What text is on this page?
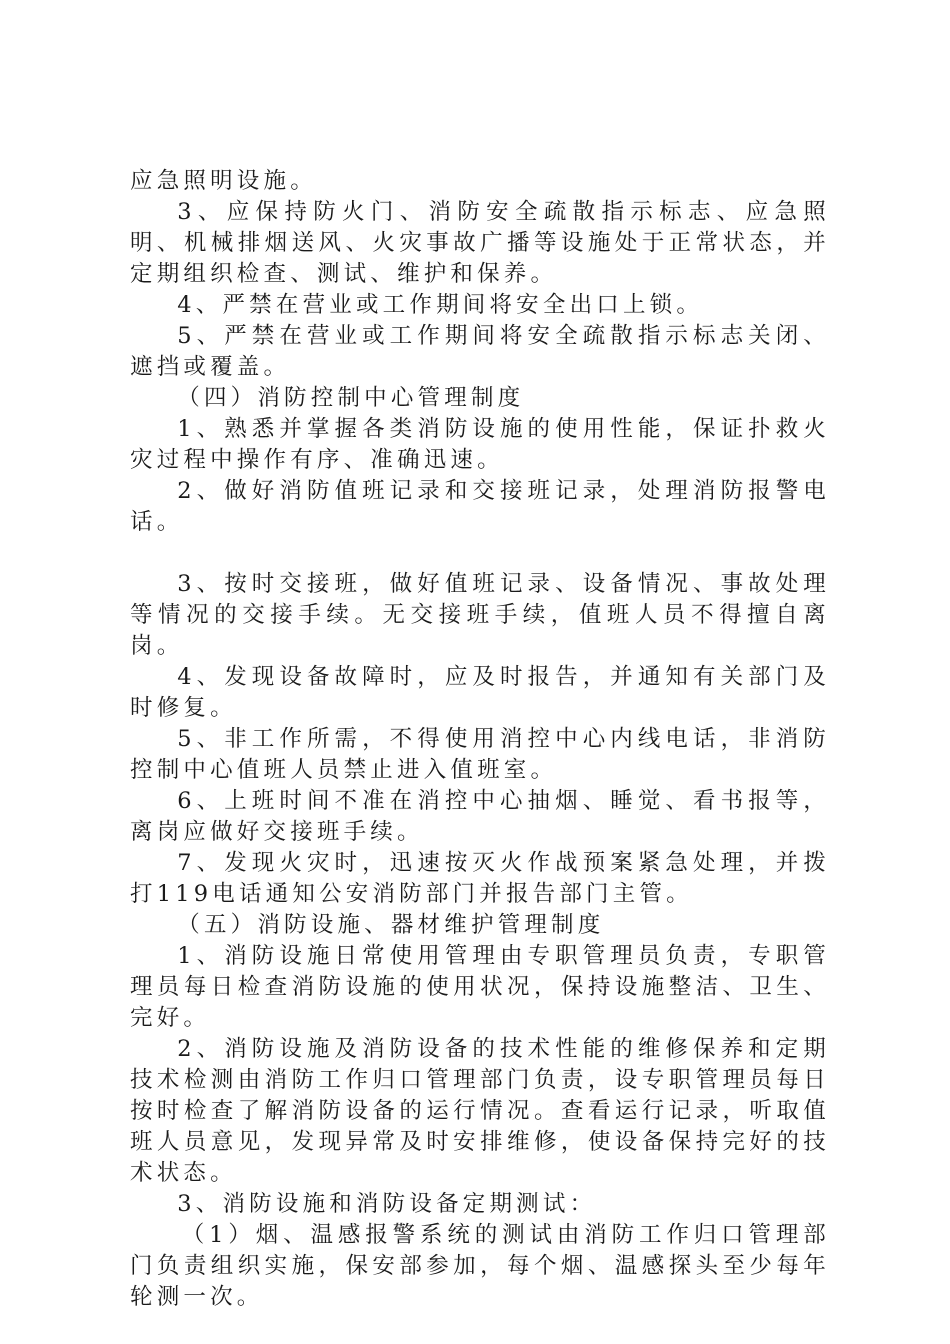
应急照明设施。

3、应保持防火门、消防安全疏散指示标志、应急照明、机械排烟送风、火灾事故广播等设施处于正常状态，并定期组织检查、测试、维护和保养。

4、严禁在营业或工作期间将安全出口上锁。

5、严禁在营业或工作期间将安全疏散指示标志关闭、遮挡或覆盖。

（四）消防控制中心管理制度

1、熟悉并掌握各类消防设施的使用性能，保证扑救火灾过程中操作有序、准确迅速。

2、做好消防值班记录和交接班记录，处理消防报警电话。

3、按时交接班，做好值班记录、设备情况、事故处理等情况的交接手续。无交接班手续，值班人员不得擅自离岗。

4、发现设备故障时，应及时报告，并通知有关部门及时修复。

5、非工作所需，不得使用消控中心内线电话，非消防控制中心值班人员禁止进入值班室。

6、上班时间不准在消控中心抽烟、睡觉、看书报等，离岗应做好交接班手续。

7、发现火灾时，迅速按灭火作战预案紧急处理，并拨打119电话通知公安消防部门并报告部门主管。

（五）消防设施、器材维护管理制度

1、消防设施日常使用管理由专职管理员负责，专职管理员每日检查消防设施的使用状况，保持设施整洁、卫生、完好。

2、消防设施及消防设备的技术性能的维修保养和定期技术检测由消防工作归口管理部门负责，设专职管理员每日按时检查了解消防设备的运行情况。查看运行记录，听取值班人员意见，发现异常及时安排维修，使设备保持完好的技术状态。

3、消防设施和消防设备定期测试：

（1）烟、温感报警系统的测试由消防工作归口管理部门负责组织实施，保安部参加，每个烟、温感探头至少每年轮测一次。
